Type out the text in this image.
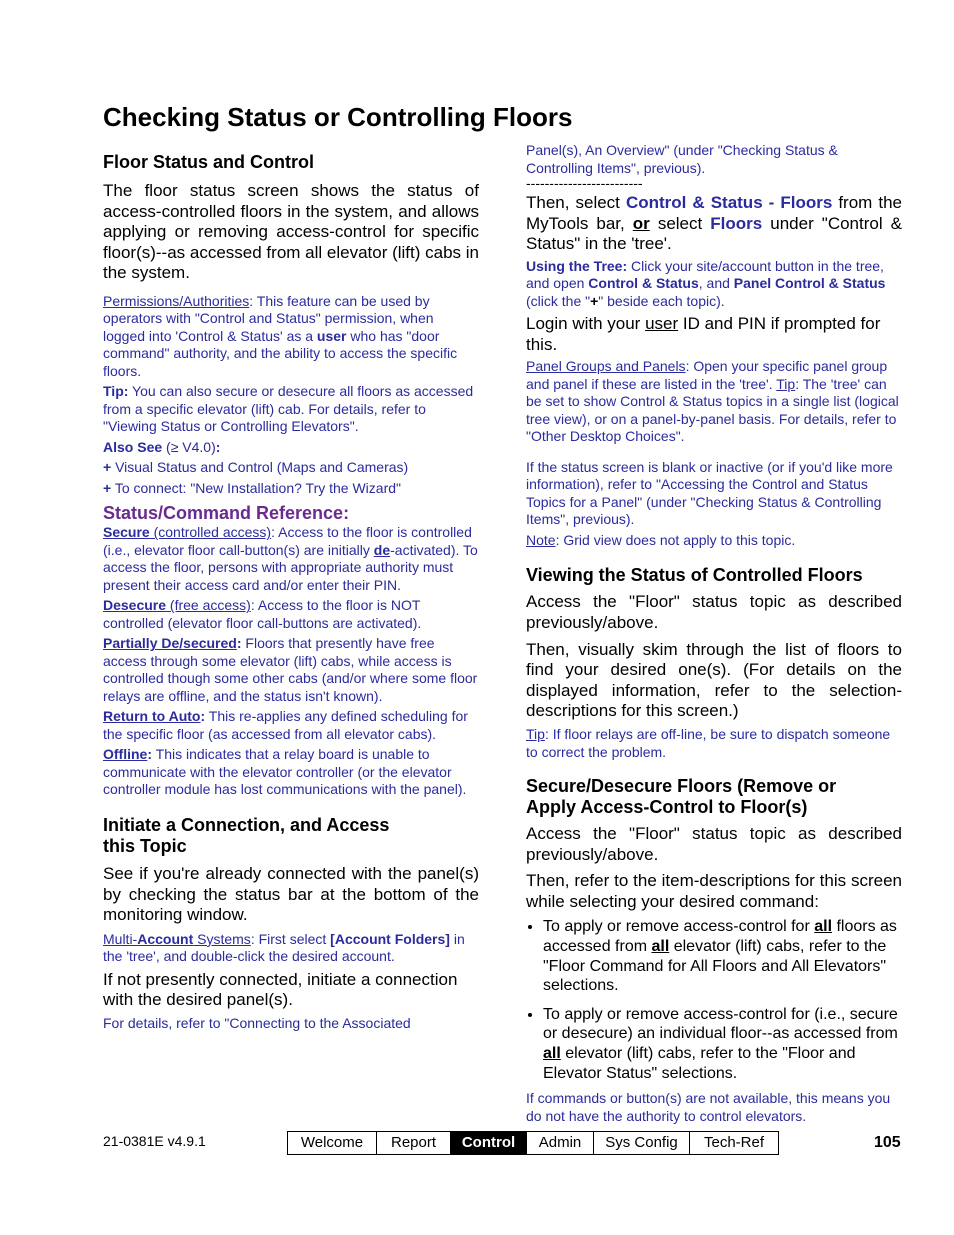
Checking Status or Controlling Floors
Floor Status and Control

The floor status screen shows the status of access-controlled floors in the system, and allows applying or removing access-control for specific floor(s)--as accessed from all elevator (lift) cabs in the system.

Permissions/Authorities: This feature can be used by operators with "Control and Status" permission, when logged into 'Control & Status' as a user who has "door command" authority, and the ability to access the specific floors.

Tip: You can also secure or desecure all floors as accessed from a specific elevator (lift) cab. For details, refer to "Viewing Status or Controlling Elevators".

Also See (≥ V4.0):

+ Visual Status and Control (Maps and Cameras)

+ To connect: "New Installation? Try the Wizard"

Status/Command Reference:

Secure (controlled access): Access to the floor is controlled (i.e., elevator floor call-button(s) are initially de-activated). To access the floor, persons with appropriate authority must present their access card and/or enter their PIN.

Desecure (free access): Access to the floor is NOT controlled (elevator floor call-buttons are activated).

Partially De/secured: Floors that presently have free access through some elevator (lift) cabs, while access is controlled though some other cabs (and/or where some floor relays are offline, and the status isn't known).

Return to Auto: This re-applies any defined scheduling for the specific floor (as accessed from all elevator cabs).

Offline: This indicates that a relay board is unable to communicate with the elevator controller (or the elevator controller module has lost communications with the panel).

Initiate a Connection, and Access
this Topic

See if you're already connected with the panel(s) by checking the status bar at the bottom of the monitoring window.

Multi-Account Systems: First select [Account Folders] in the 'tree', and double-click the desired account.

If not presently connected, initiate a connection with the desired panel(s).

For details, refer to "Connecting to the Associated

Panel(s), An Overview" (under "Checking Status & Controlling Items", previous).

-------------------------

Then, select Control & Status - Floors from the MyTools bar, or select Floors under "Control & Status" in the 'tree'.

Using the Tree: Click your site/account button in the tree, and open Control & Status, and Panel Control & Status (click the "+" beside each topic).

Login with your user ID and PIN if prompted for this.

Panel Groups and Panels: Open your specific panel group and panel if these are listed in the 'tree'. Tip: The 'tree' can be set to show Control & Status topics in a single list (logical tree view), or on a panel-by-panel basis. For details, refer to "Other Desktop Choices".

If the status screen is blank or inactive (or if you'd like more information), refer to "Accessing the Control and Status Topics for a Panel" (under "Checking Status & Controlling Items", previous).

Note: Grid view does not apply to this topic.

Viewing the Status of Controlled Floors

Access the "Floor" status topic as described previously/above.

Then, visually skim through the list of floors to find your desired one(s). (For details on the displayed information, refer to the selection-descriptions for this screen.)

Tip: If floor relays are off-line, be sure to dispatch someone to correct the problem.

Secure/Desecure Floors (Remove or
Apply Access-Control to Floor(s)

Access the "Floor" status topic as described previously/above.

Then, refer to the item-descriptions for this screen while selecting your desired command:

• To apply or remove access-control for all floors as accessed from all elevator (lift) cabs, refer to the "Floor Command for All Floors and All Elevators" selections.
• To apply or remove access-control for (i.e., secure or desecure) an individual floor--as accessed from all elevator (lift) cabs, refer to the "Floor and Elevator Status" selections.

If commands or button(s) are not available, this means you do not have the authority to control elevators.

21-0381E v4.9.1	Welcome	Report	Control	Admin	Sys Config	Tech-Ref	105
